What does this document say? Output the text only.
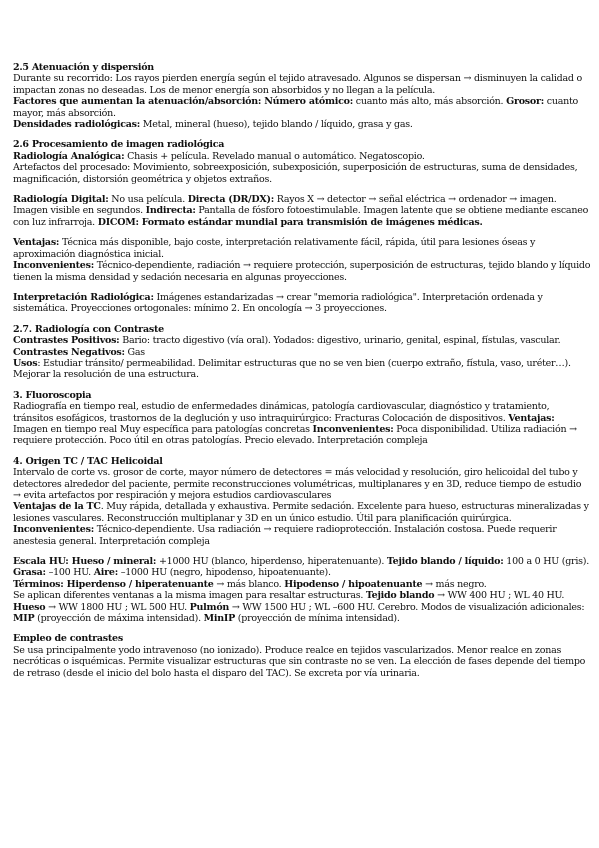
2.5 Atenuación y dispersión

Durante su recorrido: Los rayos pierden energía según el tejido atravesado. Algunos se dispersan → disminuyen la calidad o impactan zonas no deseadas. Los de menor energía son absorbidos y no llegan a la película.

Factores que aumentan la atenuación/absorción: Número atómico: cuanto más alto, más absorción. Grosor: cuanto mayor, más absorción.

Densidades radiológicas: Metal, mineral (hueso), tejido blando / líquido, grasa y gas.

2.6 Procesamiento de imagen radiológica

Radiología Analógica: Chasis + película. Revelado manual o automático. Negatoscopio.

Artefactos del procesado: Movimiento, sobreexposición, subexposición, superposición de estructuras, suma de densidades, magnificación, distorsión geométrica y objetos extraños.

Radiología Digital: No usa película. Directa (DR/DX): Rayos X → detector → señal eléctrica → ordenador → imagen. Imagen visible en segundos. Indirecta: Pantalla de fósforo fotoestimulable. Imagen latente que se obtiene mediante escaneo con luz infrarroja. DICOM: Formato estándar mundial para transmisión de imágenes médicas.

Ventajas: Técnica más disponible, bajo coste, interpretación relativamente fácil, rápida, útil para lesiones óseas y aproximación diagnóstica inicial.

Inconvenientes: Técnico-dependiente, radiación → requiere protección, superposición de estructuras, tejido blando y líquido tienen la misma densidad y sedación necesaria en algunas proyecciones.

Interpretación Radiológica: Imágenes estandarizadas → crear "memoria radiológica". Interpretación ordenada y sistemática. Proyecciones ortogonales: mínimo 2. En oncología → 3 proyecciones.

2.7. Radiología con Contraste

Contrastes Positivos: Bario: tracto digestivo (vía oral). Yodados: digestivo, urinario, genital, espinal, fístulas, vascular.

Contrastes Negativos: Gas

Usos: Estudiar tránsito/ permeabilidad. Delimitar estructuras que no se ven bien (cuerpo extraño, fístula, vaso, uréter…). Mejorar la resolución de una estructura.

3. Fluoroscopia

Radiografía en tiempo real, estudio de enfermedades dinámicas, patología cardiovascular, diagnóstico y tratamiento, tránsitos esofágicos, trastornos de la deglución y uso intraquirúrgico: Fracturas Colocación de dispositivos. Ventajas: Imagen en tiempo real Muy específica para patologías concretas Inconvenientes: Poca disponibilidad. Utiliza radiación → requiere protección. Poco útil en otras patologías. Precio elevado. Interpretación compleja

4. Origen TC / TAC Helicoidal

Intervalo de corte vs. grosor de corte, mayor número de detectores = más velocidad y resolución, giro helicoidal del tubo y detectores alrededor del paciente, permite reconstrucciones volumétricas, multiplanares y en 3D, reduce tiempo de estudio → evita artefactos por respiración y mejora estudios cardiovasculares

Ventajas de la TC. Muy rápida, detallada y exhaustiva. Permite sedación. Excelente para hueso, estructuras mineralizadas y lesiones vasculares. Reconstrucción multiplanar y 3D en un único estudio. Útil para planificación quirúrgica. Inconvenientes: Técnico-dependiente. Usa radiación → requiere radioprotección. Instalación costosa. Puede requerir anestesia general. Interpretación compleja

Escala HU: Hueso / mineral: +1000 HU (blanco, hiperdenso, hiperatenuante). Tejido blando / líquido: 100 a 0 HU (gris). Grasa: –100 HU. Aire: –1000 HU (negro, hipodenso, hipoatenuante).

Términos: Hiperdenso / hiperatenuante → más blanco. Hipodenso / hipoatenuante → más negro.

Se aplican diferentes ventanas a la misma imagen para resaltar estructuras. Tejido blando → WW 400 HU ; WL 40 HU. Hueso → WW 1800 HU ; WL 500 HU. Pulmón → WW 1500 HU ; WL –600 HU. Cerebro. Modos de visualización adicionales: MIP (proyección de máxima intensidad). MinIP (proyección de mínima intensidad).

Empleo de contrastes

Se usa principalmente yodo intravenoso (no ionizado). Produce realce en tejidos vascularizados. Menor realce en zonas necróticas o isquémicas. Permite visualizar estructuras que sin contraste no se ven. La elección de fases depende del tiempo de retraso (desde el inicio del bolo hasta el disparo del TAC). Se excreta por vía urinaria.
